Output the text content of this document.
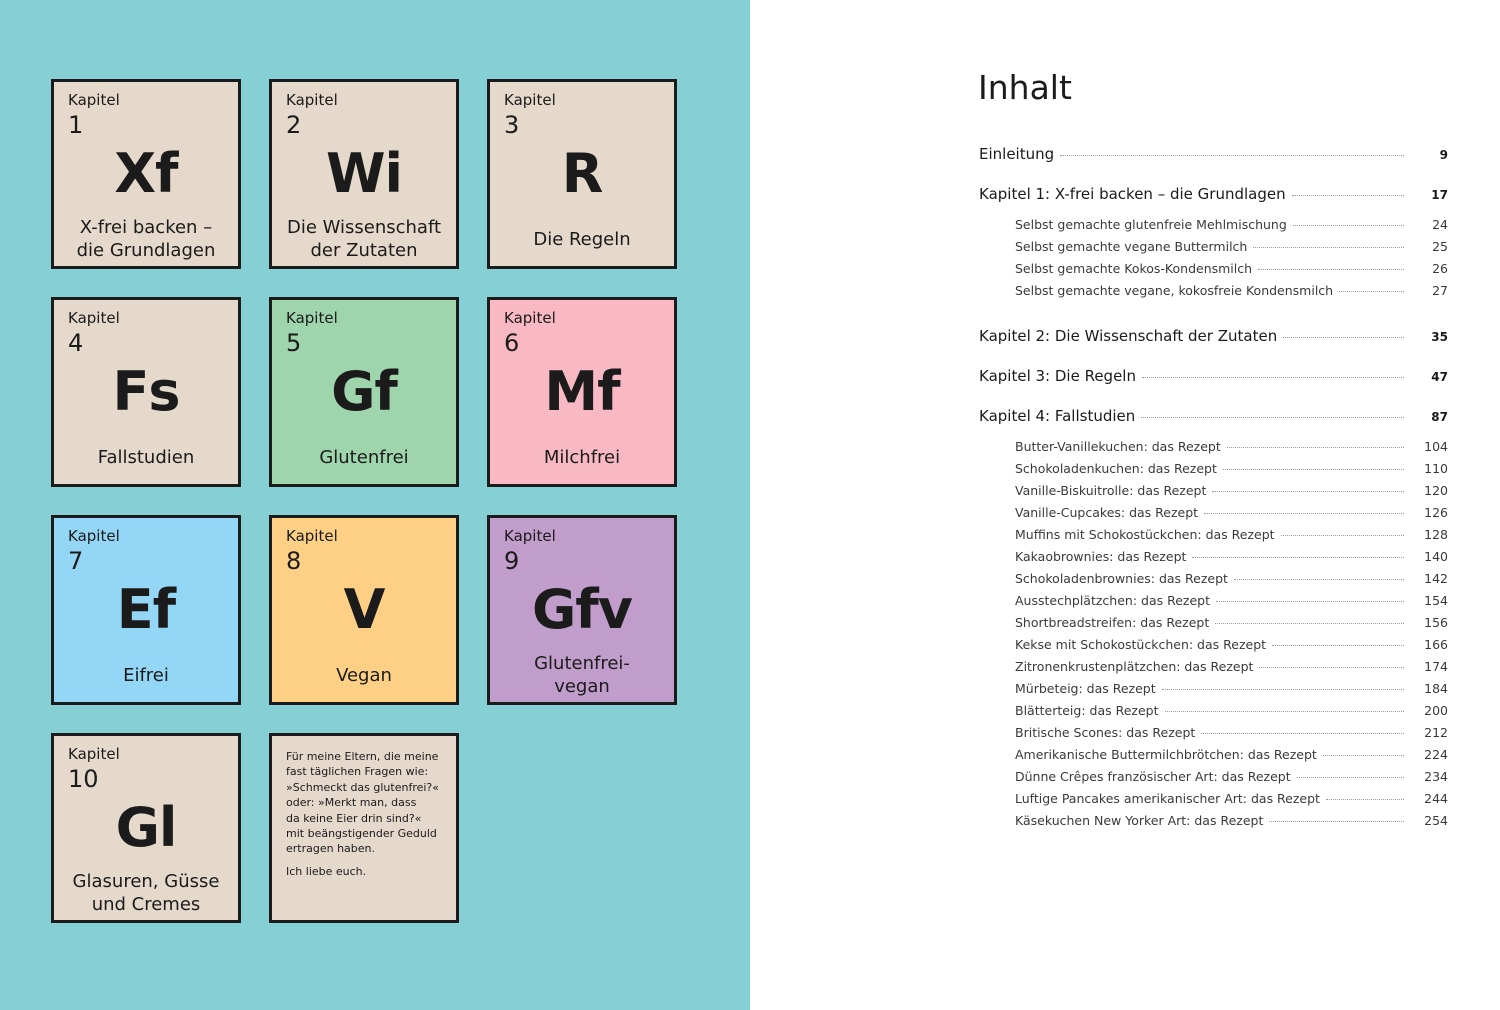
Kapitel
1
Xf
X-frei backen –
die Grundlagen
Kapitel
2
Wi
Die Wissenschaft
der Zutaten
Kapitel
3
R
Die Regeln
Kapitel
4
Fs
Fallstudien
Kapitel
5
Gf
Glutenfrei
Kapitel
6
Mf
Milchfrei
Kapitel
7
Ef
Eifrei
Kapitel
8
V
Vegan
Kapitel
9
Gfv
Glutenfrei-
vegan
Kapitel
10
Gl
Glasuren, Güsse
und Cremes

Für meine Eltern, die meine
fast täglichen Fragen wie:
»Schmeckt das glutenfrei?«
oder: »Merkt man, dass
da keine Eier drin sind?«
mit beängstigender Geduld
ertragen haben.

Ich liebe euch.

Inhalt
Einleitung	9
Kapitel 1: X-frei backen – die Grundlagen	17
Selbst gemachte glutenfreie Mehlmischung	24
Selbst gemachte vegane Buttermilch	25
Selbst gemachte Kokos-Kondensmilch	26
Selbst gemachte vegane, kokosfreie Kondensmilch	27
Kapitel 2: Die Wissenschaft der Zutaten	35
Kapitel 3: Die Regeln	47
Kapitel 4: Fallstudien	87
Butter-Vanillekuchen: das Rezept	104
Schokoladenkuchen: das Rezept	110
Vanille-Biskuitrolle: das Rezept	120
Vanille-Cupcakes: das Rezept	126
Muffins mit Schokostückchen: das Rezept	128
Kakaobrownies: das Rezept	140
Schokoladenbrownies: das Rezept	142
Ausstechplätzchen: das Rezept	154
Shortbreadstreifen: das Rezept	156
Kekse mit Schokostückchen: das Rezept	166
Zitronenkrustenplätzchen: das Rezept	174
Mürbeteig: das Rezept	184
Blätterteig: das Rezept	200
Britische Scones: das Rezept	212
Amerikanische Buttermilchbrötchen: das Rezept	224
Dünne Crêpes französischer Art: das Rezept	234
Luftige Pancakes amerikanischer Art: das Rezept	244
Käsekuchen New Yorker Art: das Rezept	254
